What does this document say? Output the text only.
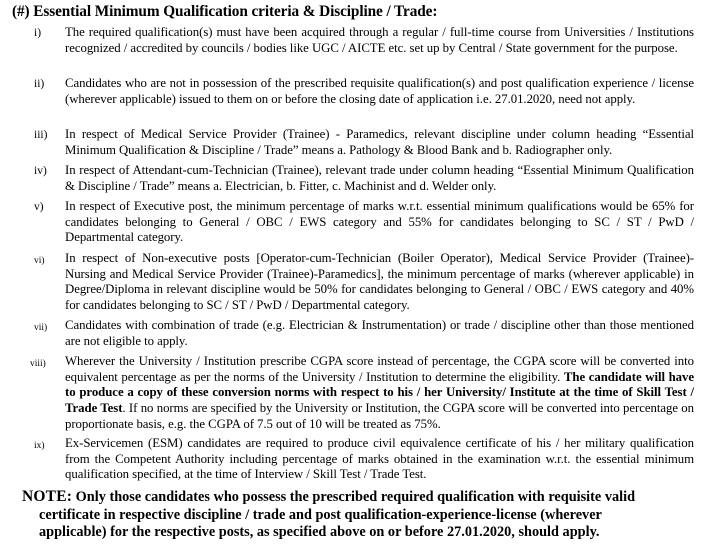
(#) Essential Minimum Qualification criteria & Discipline / Trade:
i)	The required qualification(s) must have been acquired through a regular / full-time course from Universities / Institutions recognized / accredited by councils / bodies like UGC / AICTE etc. set up by Central / State government for the purpose.
ii)	Candidates who are not in possession of the prescribed requisite qualification(s) and post qualification experience / license (wherever applicable) issued to them on or before the closing date of application i.e. 27.01.2020, need not apply.
iii)	In respect of Medical Service Provider (Trainee) - Paramedics, relevant discipline under column heading “Essential Minimum Qualification & Discipline / Trade” means a. Pathology & Blood Bank and b. Radiographer only.
iv)	In respect of Attendant-cum-Technician (Trainee), relevant trade under column heading “Essential Minimum Qualification & Discipline / Trade” means a. Electrician, b. Fitter, c. Machinist and d. Welder only.
v)	In respect of Executive post, the minimum percentage of marks w.r.t. essential minimum qualifications would be 65% for candidates belonging to General / OBC / EWS category and 55% for candidates belonging to SC / ST / PwD / Departmental category.
vi)	In respect of Non-executive posts [Operator-cum-Technician (Boiler Operator), Medical Service Provider (Trainee)-Nursing and Medical Service Provider (Trainee)-Paramedics], the minimum percentage of marks (wherever applicable) in Degree/Diploma in relevant discipline would be 50% for candidates belonging to General / OBC / EWS category and 40% for candidates belonging to SC / ST / PwD / Departmental category.
vii)	Candidates with combination of trade (e.g. Electrician & Instrumentation) or trade / discipline other than those mentioned are not eligible to apply.
viii)	Wherever the University / Institution prescribe CGPA score instead of percentage, the CGPA score will be converted into equivalent percentage as per the norms of the University / Institution to determine the eligibility. The candidate will have to produce a copy of these conversion norms with respect to his / her University/ Institute at the time of Skill Test / Trade Test. If no norms are specified by the University or Institution, the CGPA score will be converted into percentage on proportionate basis, e.g. the CGPA of 7.5 out of 10 will be treated as 75%.
ix)	Ex-Servicemen (ESM) candidates are required to produce civil equivalence certificate of his / her military qualification from the Competent Authority including percentage of marks obtained in the examination w.r.t. the essential minimum qualification specified, at the time of Interview / Skill Test / Trade Test.
NOTE: Only those candidates who possess the prescribed required qualification with requisite valid
certificate in respective discipline / trade and post qualification-experience-license (wherever
applicable) for the respective posts, as specified above on or before 27.01.2020, should apply.
